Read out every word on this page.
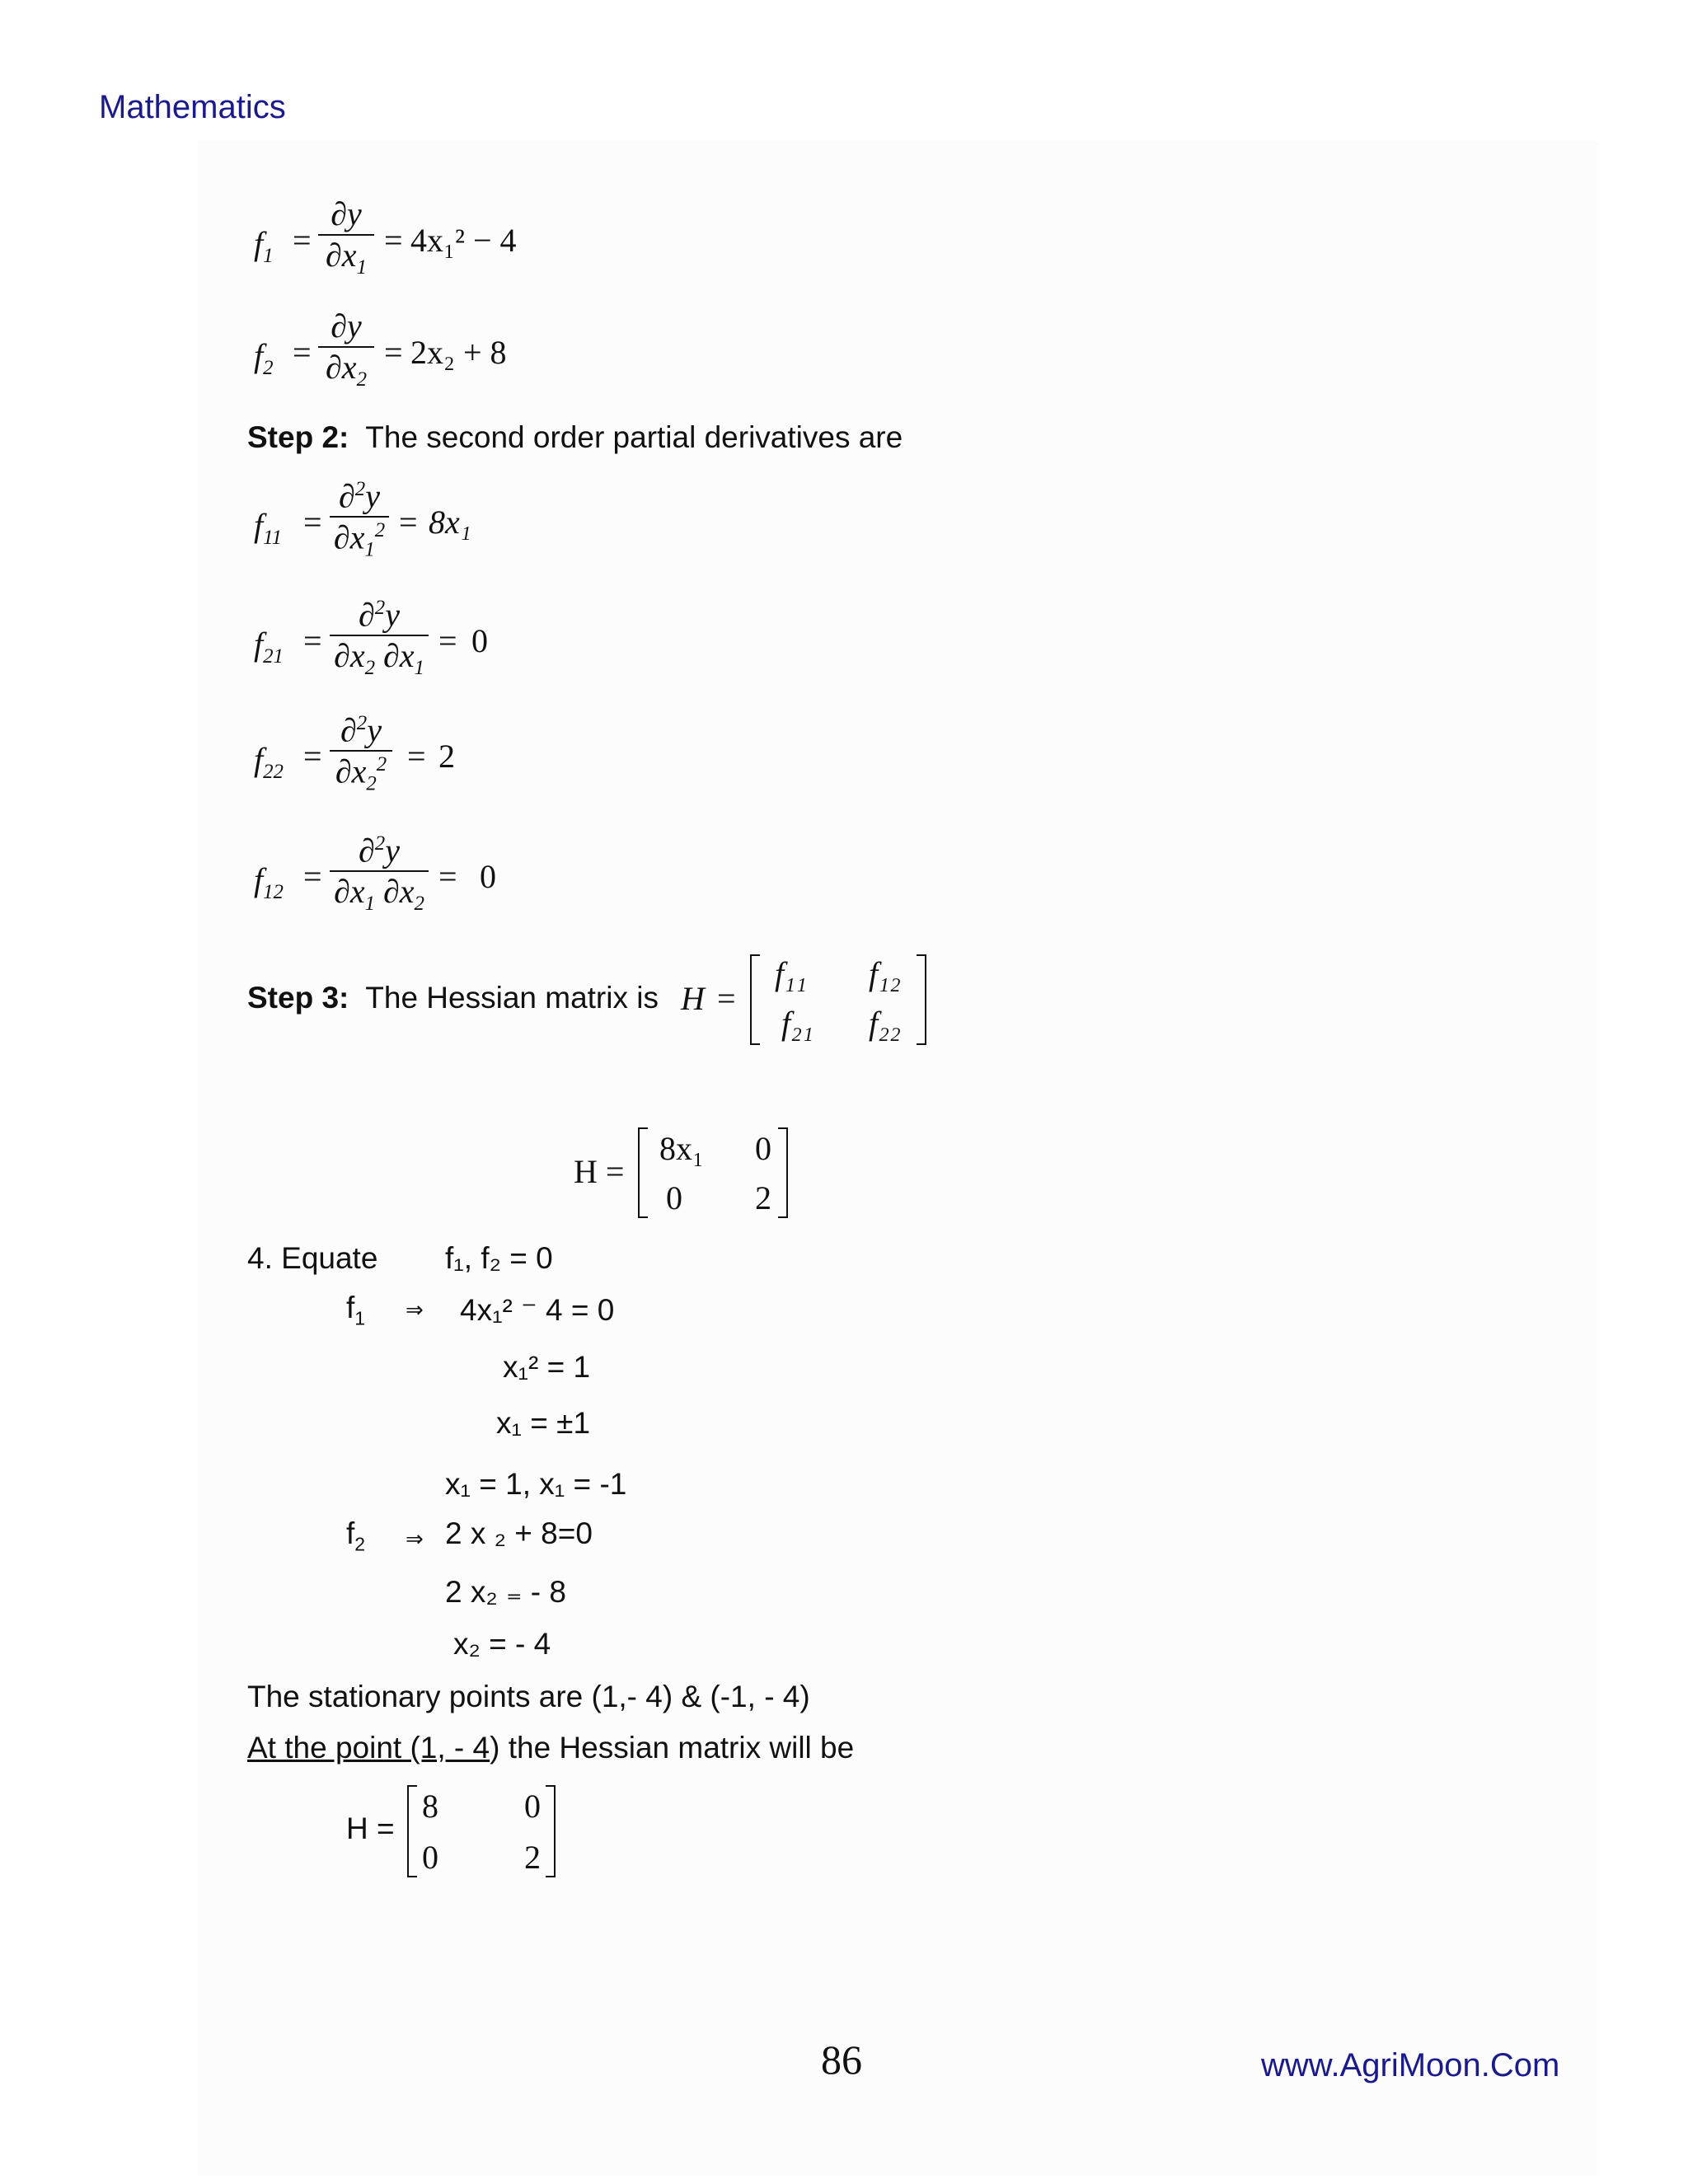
Mathematics
$f_1$ =
∂y
$\partial x_1$
= 4x₁² − 4
$f_2$ =
∂y
$\partial x_2$
= 2x₂ + 8
Step 2: The second order partial derivatives are
$f_{11}$ =
∂$^2$y
$\partial x_1^2 = 8x_1$
$f_{21}$ =
∂$^2$y
$\partial x_2$ $\partial x_1$
= 0
$f_{22}$ =
∂$^2$y
$\partial x_2^2 = 2$
$f_{12}$ =
∂$^2$y
$\partial x_1$ $\partial x_2$
= 0
Step 3: The Hessian matrix is H =
f₁₁ f₁₂
f₂₁ f₂₂
H =
8x₁ 0
0 2
4. Equate f₁, f₂ = 0
$f_1$ ⇒ 4x₁² ⁻ 4 = 0
x₁² = 1
x₁ = ±1
x₁ = 1, x₁ = -1
$f_2$ ⇒ 2 x ₂ + 8=0
2 x₂ ₌ - 8
x₂ = - 4
The stationary points are (1,- 4) & (-1, - 4)
At the point (1, - 4) the Hessian matrix will be
H =
8	0
0	2
86	www.AgriMoon.Com
